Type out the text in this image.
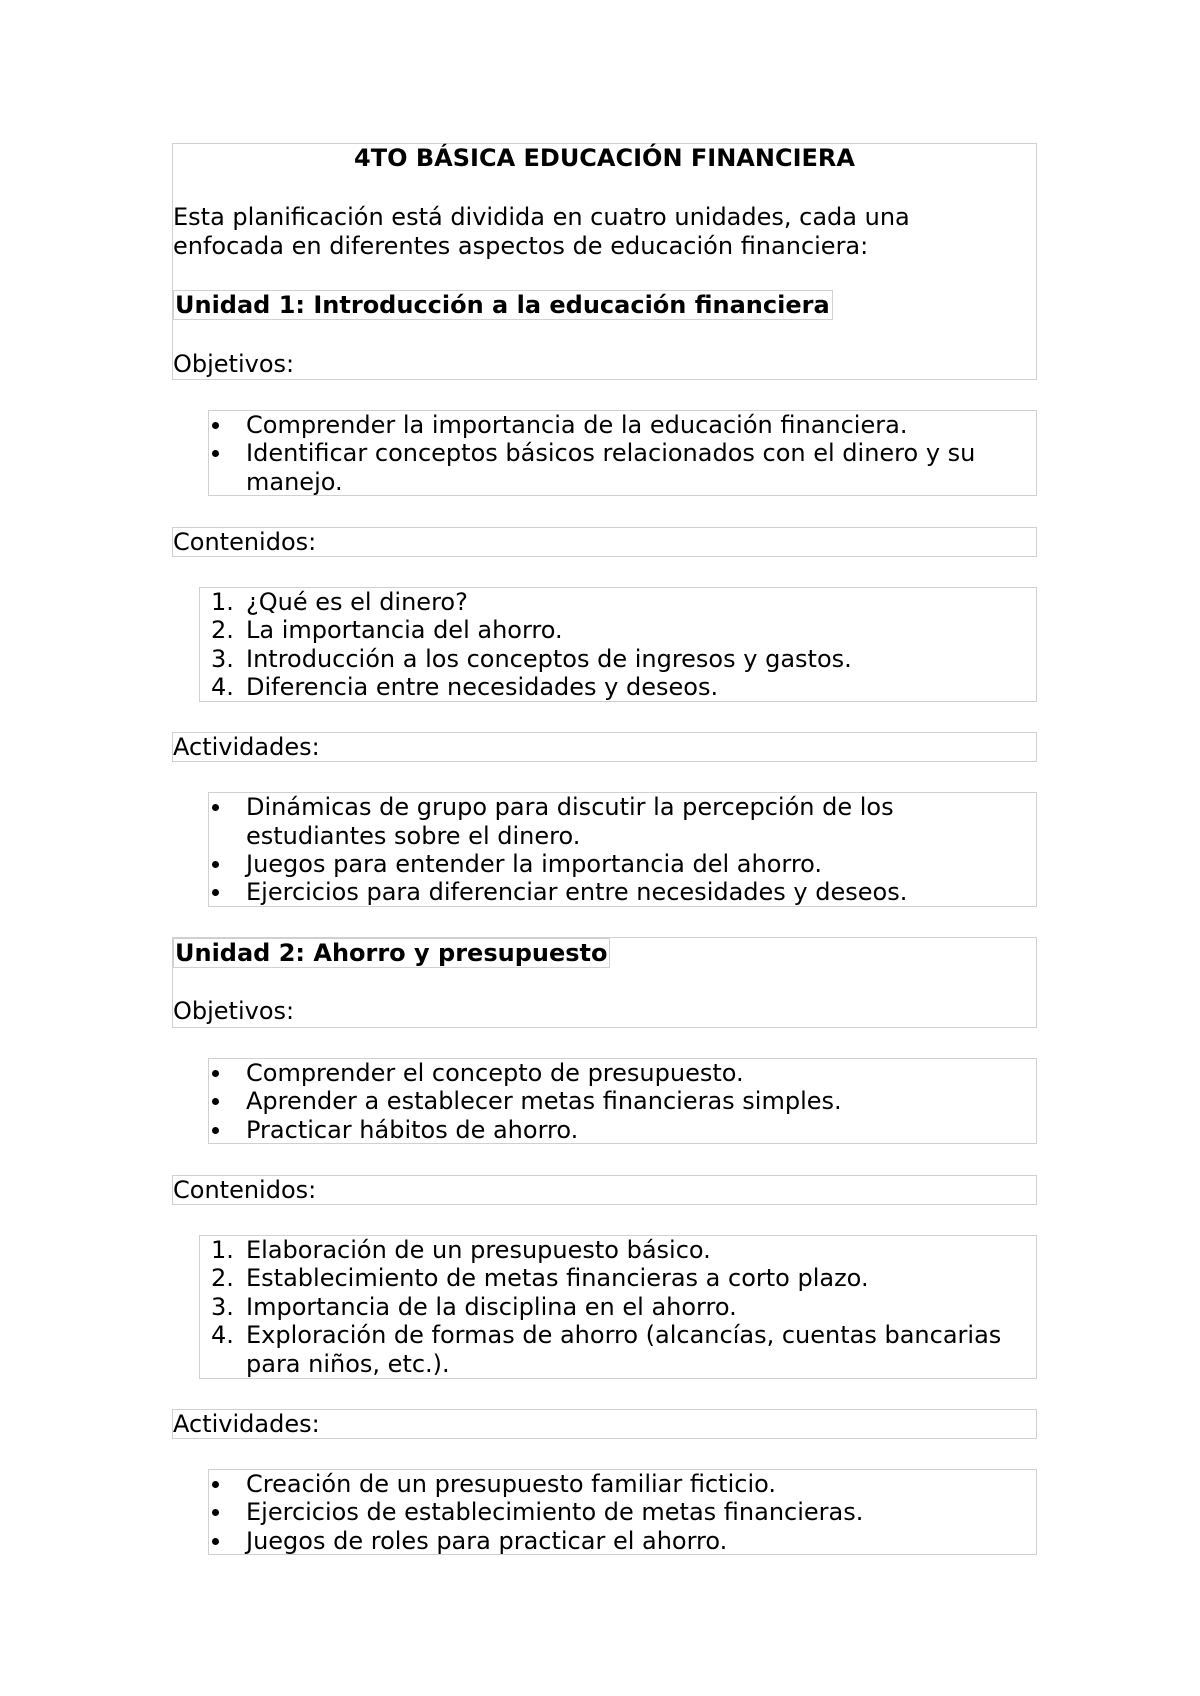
4TO BÁSICA EDUCACIÓN FINANCIERA
Esta planificación está dividida en cuatro unidades, cada una
enfocada en diferentes aspectos de educación financiera:
Unidad 1: Introducción a la educación financiera
Objetivos:
Comprender la importancia de la educación financiera.
Identificar conceptos básicos relacionados con el dinero y su
manejo.
Contenidos:
1. ¿Qué es el dinero?
2. La importancia del ahorro.
3. Introducción a los conceptos de ingresos y gastos.
4. Diferencia entre necesidades y deseos.
Actividades:
Dinámicas de grupo para discutir la percepción de los
estudiantes sobre el dinero.
Juegos para entender la importancia del ahorro.
Ejercicios para diferenciar entre necesidades y deseos.
Unidad 2: Ahorro y presupuesto
Objetivos:
Comprender el concepto de presupuesto.
Aprender a establecer metas financieras simples.
Practicar hábitos de ahorro.
Contenidos:
1. Elaboración de un presupuesto básico.
2. Establecimiento de metas financieras a corto plazo.
3. Importancia de la disciplina en el ahorro.
4. Exploración de formas de ahorro (alcancías, cuentas bancarias
para niños, etc.).
Actividades:
Creación de un presupuesto familiar ficticio.
Ejercicios de establecimiento de metas financieras.
Juegos de roles para practicar el ahorro.
